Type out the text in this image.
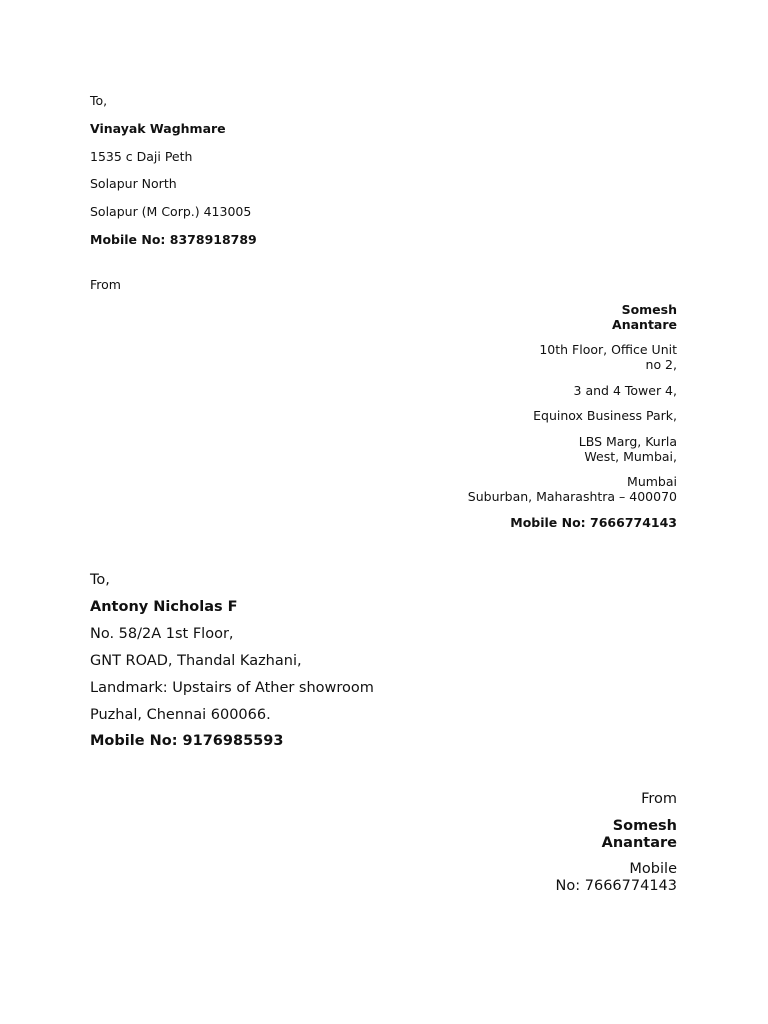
To,

Vinayak Waghmare

1535 c Daji Peth

Solapur North

Solapur (M Corp.) 413005

Mobile No: 8378918789

From

Somesh
Anantare
10th Floor, Office Unit
no 2,
3 and 4 Tower 4,
Equinox Business Park,
LBS Marg, Kurla
West, Mumbai,
Mumbai
Suburban, Maharashtra – 400070

Mobile No: 7666774143

To,

Antony Nicholas F

No. 58/2A 1st Floor,

GNT ROAD, Thandal Kazhani,

Landmark: Upstairs of Ather showroom

Puzhal, Chennai 600066.

Mobile No: 9176985593

From

Somesh
Anantare
Mobile
No: 7666774143
